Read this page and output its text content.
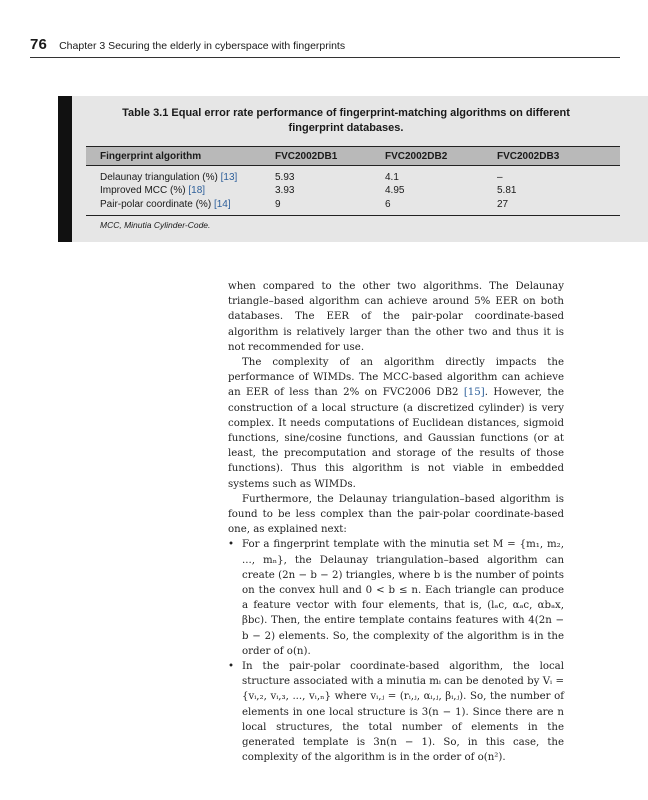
76 Chapter 3 Securing the elderly in cyberspace with fingerprints
Table 3.1 Equal error rate performance of fingerprint-matching algorithms on different
fingerprint databases.
Fingerprint algorithm	FVC2002DB1	FVC2002DB2	FVC2002DB3
Delaunay triangulation (%) [13]	5.93	4.1	–
Improved MCC (%) [18]	3.93	4.95	5.81
Pair-polar coordinate (%) [14]	9	6	27
MCC, Minutia Cylinder-Code.

when compared to the other two algorithms. The Delaunay triangle–based algorithm can achieve around 5% EER on both databases. The EER of the pair-polar coordinate-based algorithm is relatively larger than the other two and thus it is not recommended for use.

The complexity of an algorithm directly impacts the performance of WIMDs. The MCC-based algorithm can achieve an EER of less than 2% on FVC2006 DB2 [15]. However, the construction of a local structure (a discretized cylinder) is very complex. It needs computations of Euclidean distances, sigmoid functions, sine/cosine functions, and Gaussian functions (or at least, the precomputation and storage of the results of those functions). Thus this algorithm is not viable in embedded systems such as WIMDs.

Furthermore, the Delaunay triangulation–based algorithm is found to be less complex than the pair-polar coordinate-based one, as explained next:

• For a fingerprint template with the minutia set M = {m₁, m₂, ..., mₙ}, the Delaunay triangulation–based algorithm can create (2n − b − 2) triangles, where b is the number of points on the convex hull and 0 < b ≤ n. Each triangle can produce a feature vector with four elements, that is, (lₐc, αₐc, αbₐx, βbc). Then, the entire template contains features with 4(2n − b − 2) elements. So, the complexity of the algorithm is in the order of o(n).
• In the pair-polar coordinate-based algorithm, the local structure associated with a minutia mᵢ can be denoted by Vᵢ = {vᵢ,₂, vᵢ,₃, ..., vᵢ,ₙ} where vᵢ,ⱼ = (rᵢ,ⱼ, αᵢ,ⱼ, βᵢ,ⱼ). So, the number of elements in one local structure is 3(n − 1). Since there are n local structures, the total number of elements in the generated template is 3n(n − 1). So, in this case, the complexity of the algorithm is in the order of o(n²).
